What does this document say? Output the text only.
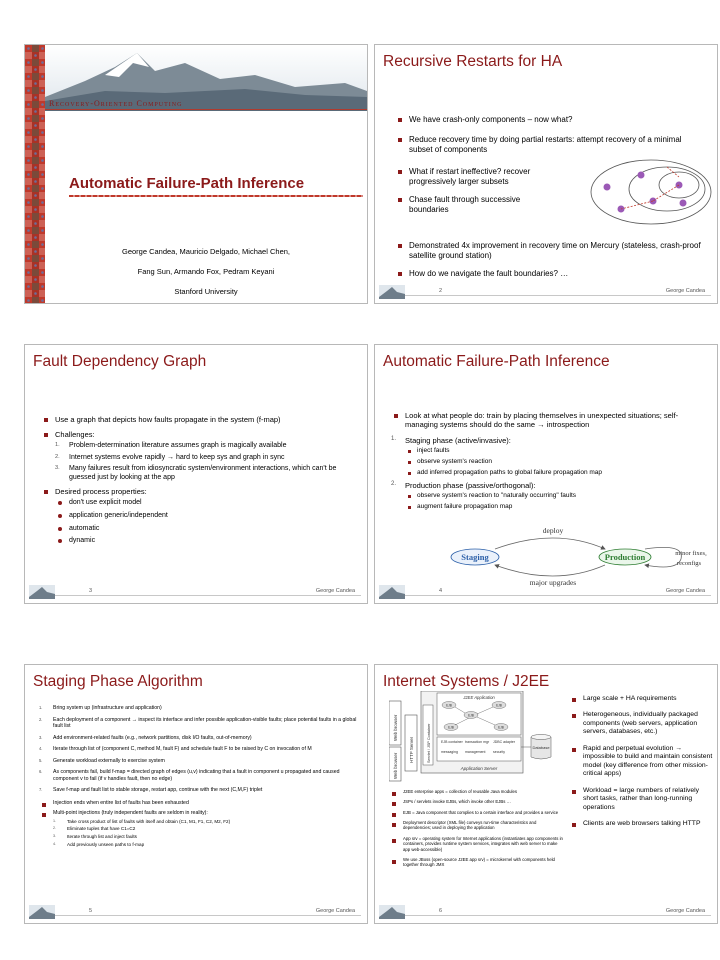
Recovery-Oriented Computing
Automatic Failure-Path Inference
George Candea, Mauricio Delgado, Michael Chen,
Fang Sun, Armando Fox, Pedram Keyani
Stanford University
Recursive Restarts for HA
We have crash-only components – now what?
Reduce recovery time by doing partial restarts: attempt recovery of a minimal subset of components
What if restart ineffective? recover progressively larger subsets
Chase fault through successive boundaries
Demonstrated 4x improvement in recovery time on Mercury (stateless, crash-proof satellite ground station)
How do we navigate the fault boundaries? …
2	George Candea
Fault Dependency Graph
Use a graph that depicts how faults propagate in the system (f-map)
Challenges:
1. Problem-determination literature assumes graph is magically available
2. Internet systems evolve rapidly → hard to keep sys and graph in sync
3. Many failures result from idiosyncratic system/environment interactions, which can't be guessed just by looking at the app
Desired process properties:
don't use explicit model
application generic/independent
automatic
dynamic
3	George Candea
Automatic Failure-Path Inference
Look at what people do: train by placing themselves in unexpected situations; self-managing systems should do the same → introspection
1. Staging phase (active/invasive):
inject faults
observe system's reaction
add inferred propagation paths to global failure propagation map
2. Production phase (passive/orthogonal):
observe system's reaction to "naturally occurring" faults
augment failure propagation map
deploy
Staging	Production	minor fixes,
reconfigs
major upgrades
4	George Candea
Staging Phase Algorithm
1. Bring system up (infrastructure and application)
2. Each deployment of a component → inspect its interface and infer possible application-visible faults; place potential faults in a global fault list
3. Add environment-related faults (e.g., network partitions, disk I/O faults, out-of-memory)
4. Iterate through list of (component C, method M, fault F) and schedule fault F to be raised by C on invocation of M
5. Generate workload externally to exercise system
6. As components fail, build f-map = directed graph of edges (u,v) indicating that a fault in component u propagated and caused component v to fail (if v handles fault, then no edge)
7. Save f-map and fault list to stable storage, restart app, continue with the next (C,M,F) triplet
Injection ends when entire list of faults has been exhausted
Multi-point injections (truly independent faults are seldom in reality):
1. Take cross product of list of faults with itself and obtain (C1, M1, F1, C2, M2, F2)
2. Eliminate tuples that have C1=C2
3. Iterate through list and inject faults
4. Add previously unseen paths to f-map
5	George Candea
Internet Systems / J2EE
Web browser
Web browser
HTTP Server	Servlet / JSP Container
J2EE Application
EJB
EJB
EJB
EJB	EJB
EJB container transaction mgr JDBC adapter
messaging management security
Application Server
Database
J2EE enterprise apps = collection of reusable Java modules
JSPs / servlets invoke EJBs, which invoke other EJBs …
EJB = Java component that complies to a certain interface and provides a service
Deployment descriptor (XML file) conveys run-time characteristics and dependencies; used in deploying the application
App srv = operating system for Internet applications (instantiates app components in containers, provides runtime system services, integrates with web server to make app web-accessible)
We use JBoss (open-source J2EE app srv) = microkernel with components held together through JMX
Large scale + HA requirements
Heterogeneous, individually packaged components (web servers, application servers, databases, etc.)
Rapid and perpetual evolution → impossible to build and maintain consistent model (key difference from other mission-critical apps)
Workload = large numbers of relatively short tasks, rather than long-running operations
Clients are web browsers talking HTTP
6	George Candea
